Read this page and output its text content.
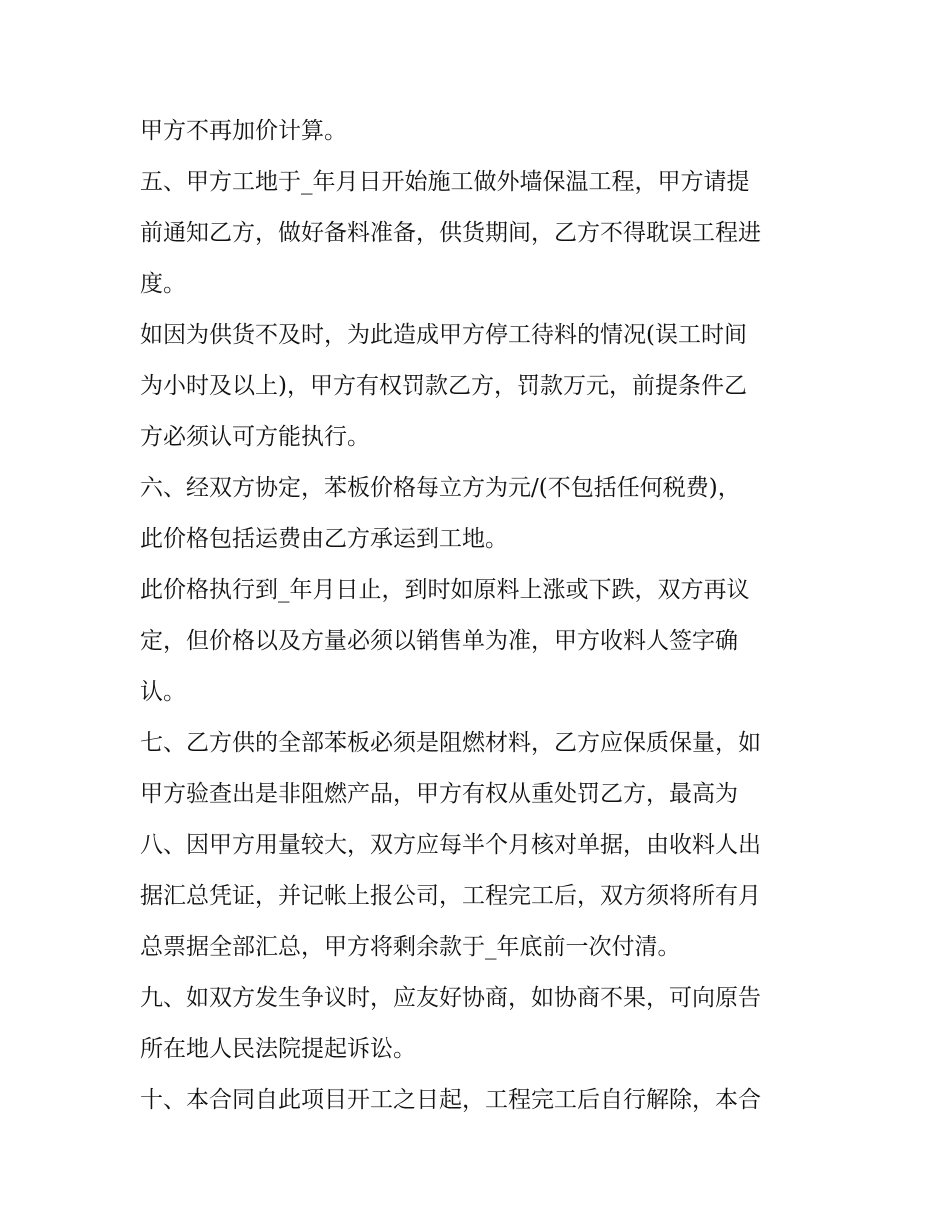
甲方不再加价计算。
五、甲方工地于_年月日开始施工做外墙保温工程，甲方请提
前通知乙方，做好备料准备，供货期间，乙方不得耽误工程进
度。
如因为供货不及时，为此造成甲方停工待料的情况(误工时间
为小时及以上)，甲方有权罚款乙方，罚款万元，前提条件乙
方必须认可方能执行。
六、经双方协定，苯板价格每立方为元/(不包括任何税费)，
此价格包括运费由乙方承运到工地。
此价格执行到_年月日止，到时如原料上涨或下跌，双方再议
定，但价格以及方量必须以销售单为准，甲方收料人签字确
认。
七、乙方供的全部苯板必须是阻燃材料，乙方应保质保量，如
甲方验查出是非阻燃产品，甲方有权从重处罚乙方，最高为
八、因甲方用量较大，双方应每半个月核对单据，由收料人出
据汇总凭证，并记帐上报公司，工程完工后，双方须将所有月
总票据全部汇总，甲方将剩余款于_年底前一次付清。
九、如双方发生争议时，应友好协商，如协商不果，可向原告
所在地人民法院提起诉讼。
十、本合同自此项目开工之日起，工程完工后自行解除，本合
